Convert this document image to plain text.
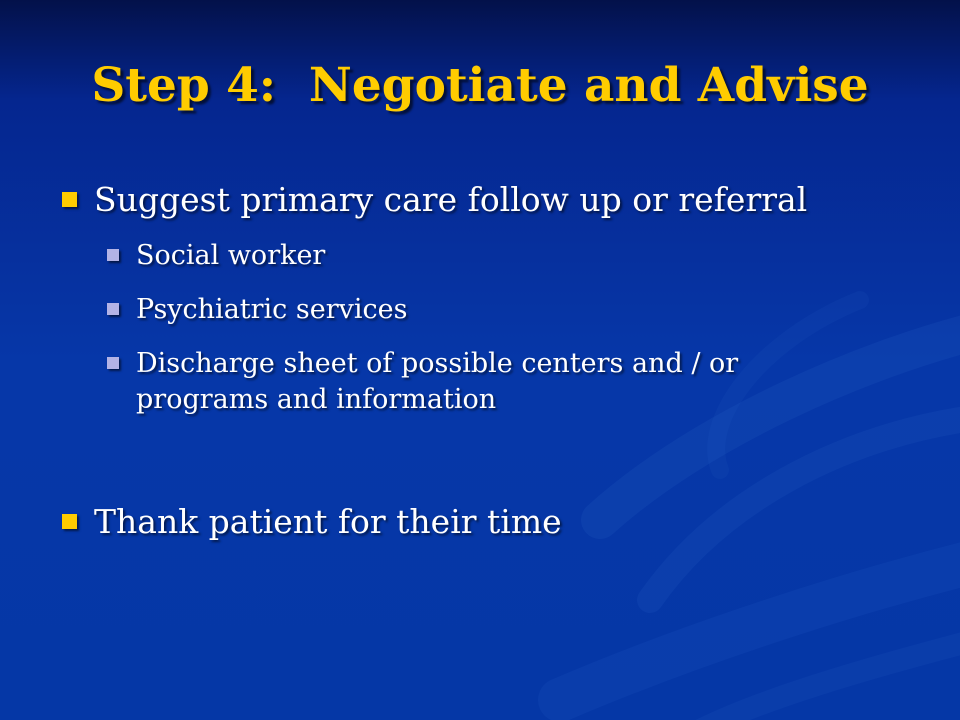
Step 4:  Negotiate and Advise
Suggest primary care follow up or referral
Social worker
Psychiatric services
Discharge sheet of possible centers and / or programs and information
Thank patient for their time
